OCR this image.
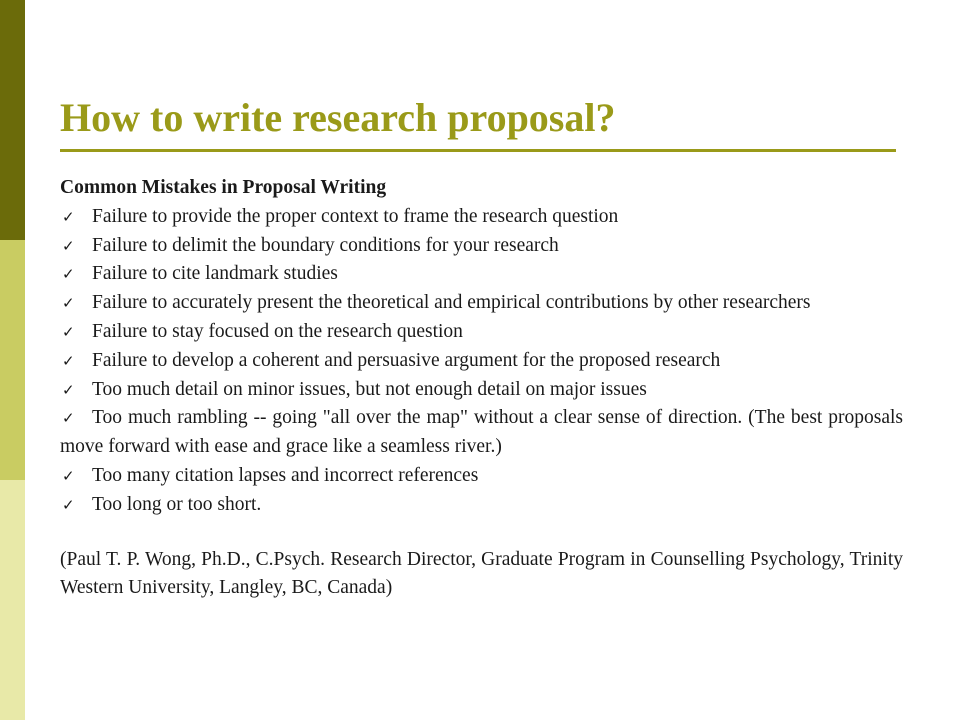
How to write research proposal?

Common Mistakes in Proposal Writing

✓ Failure to provide the proper context to frame the research question
✓ Failure to delimit the boundary conditions for your research
✓ Failure to cite landmark studies
✓ Failure to accurately present the theoretical and empirical contributions by other researchers
✓ Failure to stay focused on the research question
✓ Failure to develop a coherent and persuasive argument for the proposed research
✓ Too much detail on minor issues, but not enough detail on major issues
✓ Too much rambling -- going "all over the map" without a clear sense of direction. (The best proposals move forward with ease and grace like a seamless river.)
✓ Too many citation lapses and incorrect references
✓ Too long or too short.

(Paul T. P. Wong, Ph.D., C.Psych. Research Director, Graduate Program in Counselling Psychology, Trinity Western University, Langley, BC, Canada)
